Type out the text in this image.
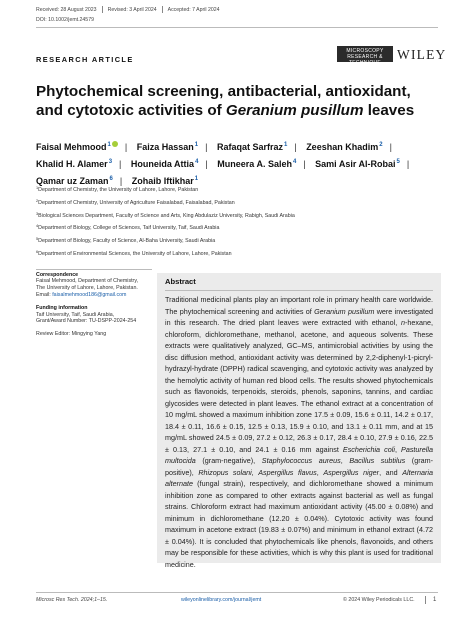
Received: 28 August 2023 Revised: 3 April 2024 Accepted: 7 April 2024
DOI: 10.1002/jemt.24579
RESEARCH ARTICLE
MICROSCOPY
RESEARCH & TECHNIQUE
WILEY
Phytochemical screening, antibacterial, antioxidant, and cytotoxic activities of Geranium pusillum leaves
Faisal Mehmood$^1$ | Faiza Hassan$^1$ | Rafaqat Sarfraz$^1$ | Zeeshan Khadim$^2$ |
Khalid H. Alamer$^3$ | Houneida Attia$^4$ | Muneera A. Saleh$^4$ | Sami Asir Al-Robai$^5$ |
Qamar uz Zaman$^6$ | Zohaib Iftikhar$^1$
$^1$Department of Chemistry, the University of Lahore, Lahore, Pakistan
$^2$Department of Chemistry, University of Agriculture Faisalabad, Faisalabad, Pakistan
$^3$Biological Sciences Department, Faculty of Science and Arts, King Abdulaziz University, Rabigh, Saudi Arabia
$^4$Department of Biology, College of Sciences, Taif University, Taif, Saudi Arabia
$^5$Department of Biology, Faculty of Science, Al-Baha University, Saudi Arabia
$^6$Department of Environmental Sciences, the University of Lahore, Lahore, Pakistan
Correspondence
Faisal Mehmood, Department of Chemistry,
The University of Lahore, Lahore, Pakistan.
Email: faisalmehmood186@gmail.com
Funding information
Taif University, Taif, Saudi Arabia,
Grant/Award Number: TU-DSPP-2024-254
Review Editor: Mingying Yang
Abstract

Traditional medicinal plants play an important role in primary health care worldwide. The phytochemical screening and activities of Geranium pusillum were investigated in this research. The dried plant leaves were extracted with ethanol, n-hexane, chloroform, dichloromethane, methanol, acetone, and aqueous solvents. These extracts were qualitatively analyzed, GC–MS, antimicrobial activities by using the disc diffusion method, antioxidant activity was determined by 2,2-diphenyl-1-picryl-hydrazyl-hydrate (DPPH) radical scavenging, and cytotoxic activity was analyzed by the hemolytic activity of human red blood cells. The results showed phytochemicals such as flavonoids, terpenoids, steroids, phenols, saponins, tannins, and cardiac glycosides were detected in plant leaves. The ethanol extract at a concentration of 10 mg/mL showed a maximum inhibition zone 17.5 ± 0.09, 15.6 ± 0.11, 14.2 ± 0.17, 18.4 ± 0.11, 16.6 ± 0.15, 12.5 ± 0.13, 15.9 ± 0.10, and 13.1 ± 0.11 mm, and at 15 mg/mL showed 24.5 ± 0.09, 27.2 ± 0.12, 26.3 ± 0.17, 28.4 ± 0.10, 27.9 ± 0.16, 22.5 ± 0.13, 27.1 ± 0.10, and 24.1 ± 0.16 mm against Escherichia coli, Pasturella multocida (gram-negative), Staphylococcus aureus, Bacillus subtilus (gram-positive), Rhizopus solani, Aspergillus flavus, Aspergillus niger, and Alternaria alternate (fungal strain), respectively, and dichloromethane showed a minimum inhibition zone as compared to other extracts against bacterial as well as fungal strains. Chloroform extract had maximum antioxidant activity (45.00 ± 0.08%) and minimum in dichloromethane (12.20 ± 0.04%). Cytotoxic activity was found maximum in acetone extract (19.83 ± 0.07%) and minimum in ethanol extract (4.72 ± 0.04%). It is concluded that phytochemicals like phenols, flavonoids, and others may be responsible for these activities, which is why this plant is used for traditional medicine.

Microsc Res Tech. 2024;1–15.	wileyonlinelibrary.com/journal/jemt	© 2024 Wiley Periodicals LLC.	1
